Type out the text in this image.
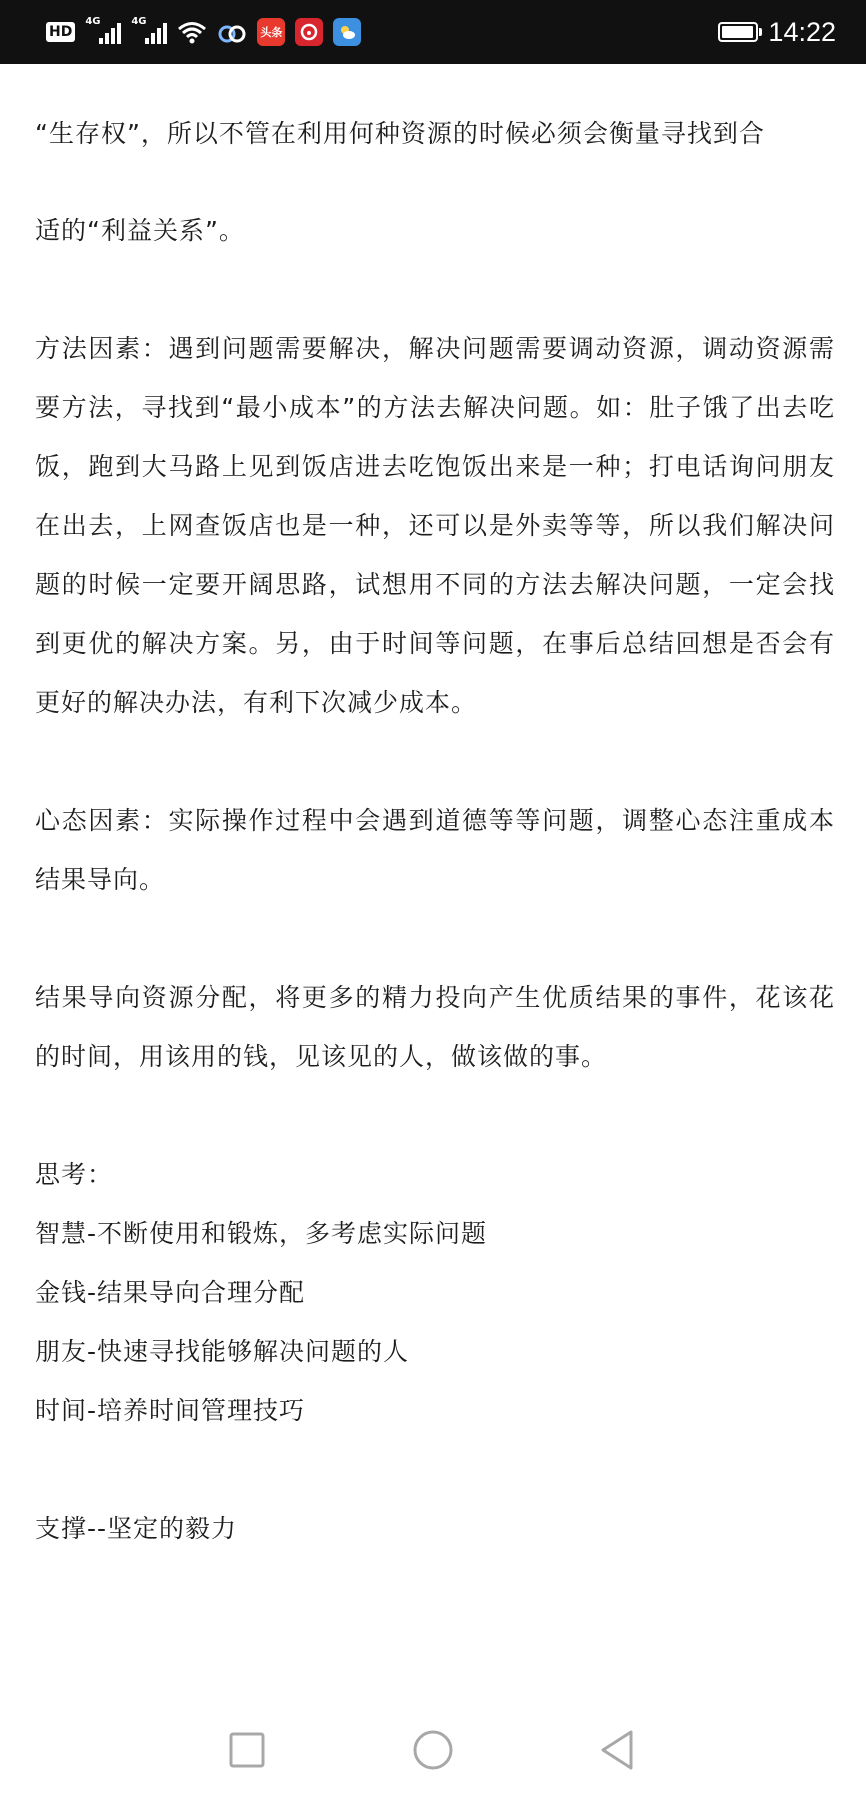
HD
4G	4G
头条	14:22
“生存权”，所以不管在利用何种资源的时候必须会衡量寻找到合

适的“利益关系”。

方法因素：遇到问题需要解决，解决问题需要调动资源，调动资源需要方法，寻找到“最小成本”的方法去解决问题。如：肚子饿了出去吃饭，跑到大马路上见到饭店进去吃饱饭出来是一种；打电话询问朋友在出去，上网查饭店也是一种，还可以是外卖等等，所以我们解决问题的时候一定要开阔思路，试想用不同的方法去解决问题，一定会找到更优的解决方案。另，由于时间等问题，在事后总结回想是否会有更好的解决办法，有利下次减少成本。

心态因素：实际操作过程中会遇到道德等等问题，调整心态注重成本结果导向。

结果导向资源分配，将更多的精力投向产生优质结果的事件，花该花的时间，用该用的钱，见该见的人，做该做的事。

思考：

智慧-不断使用和锻炼，多考虑实际问题

金钱-结果导向合理分配

朋友-快速寻找能够解决问题的人

时间-培养时间管理技巧

支撑--坚定的毅力
